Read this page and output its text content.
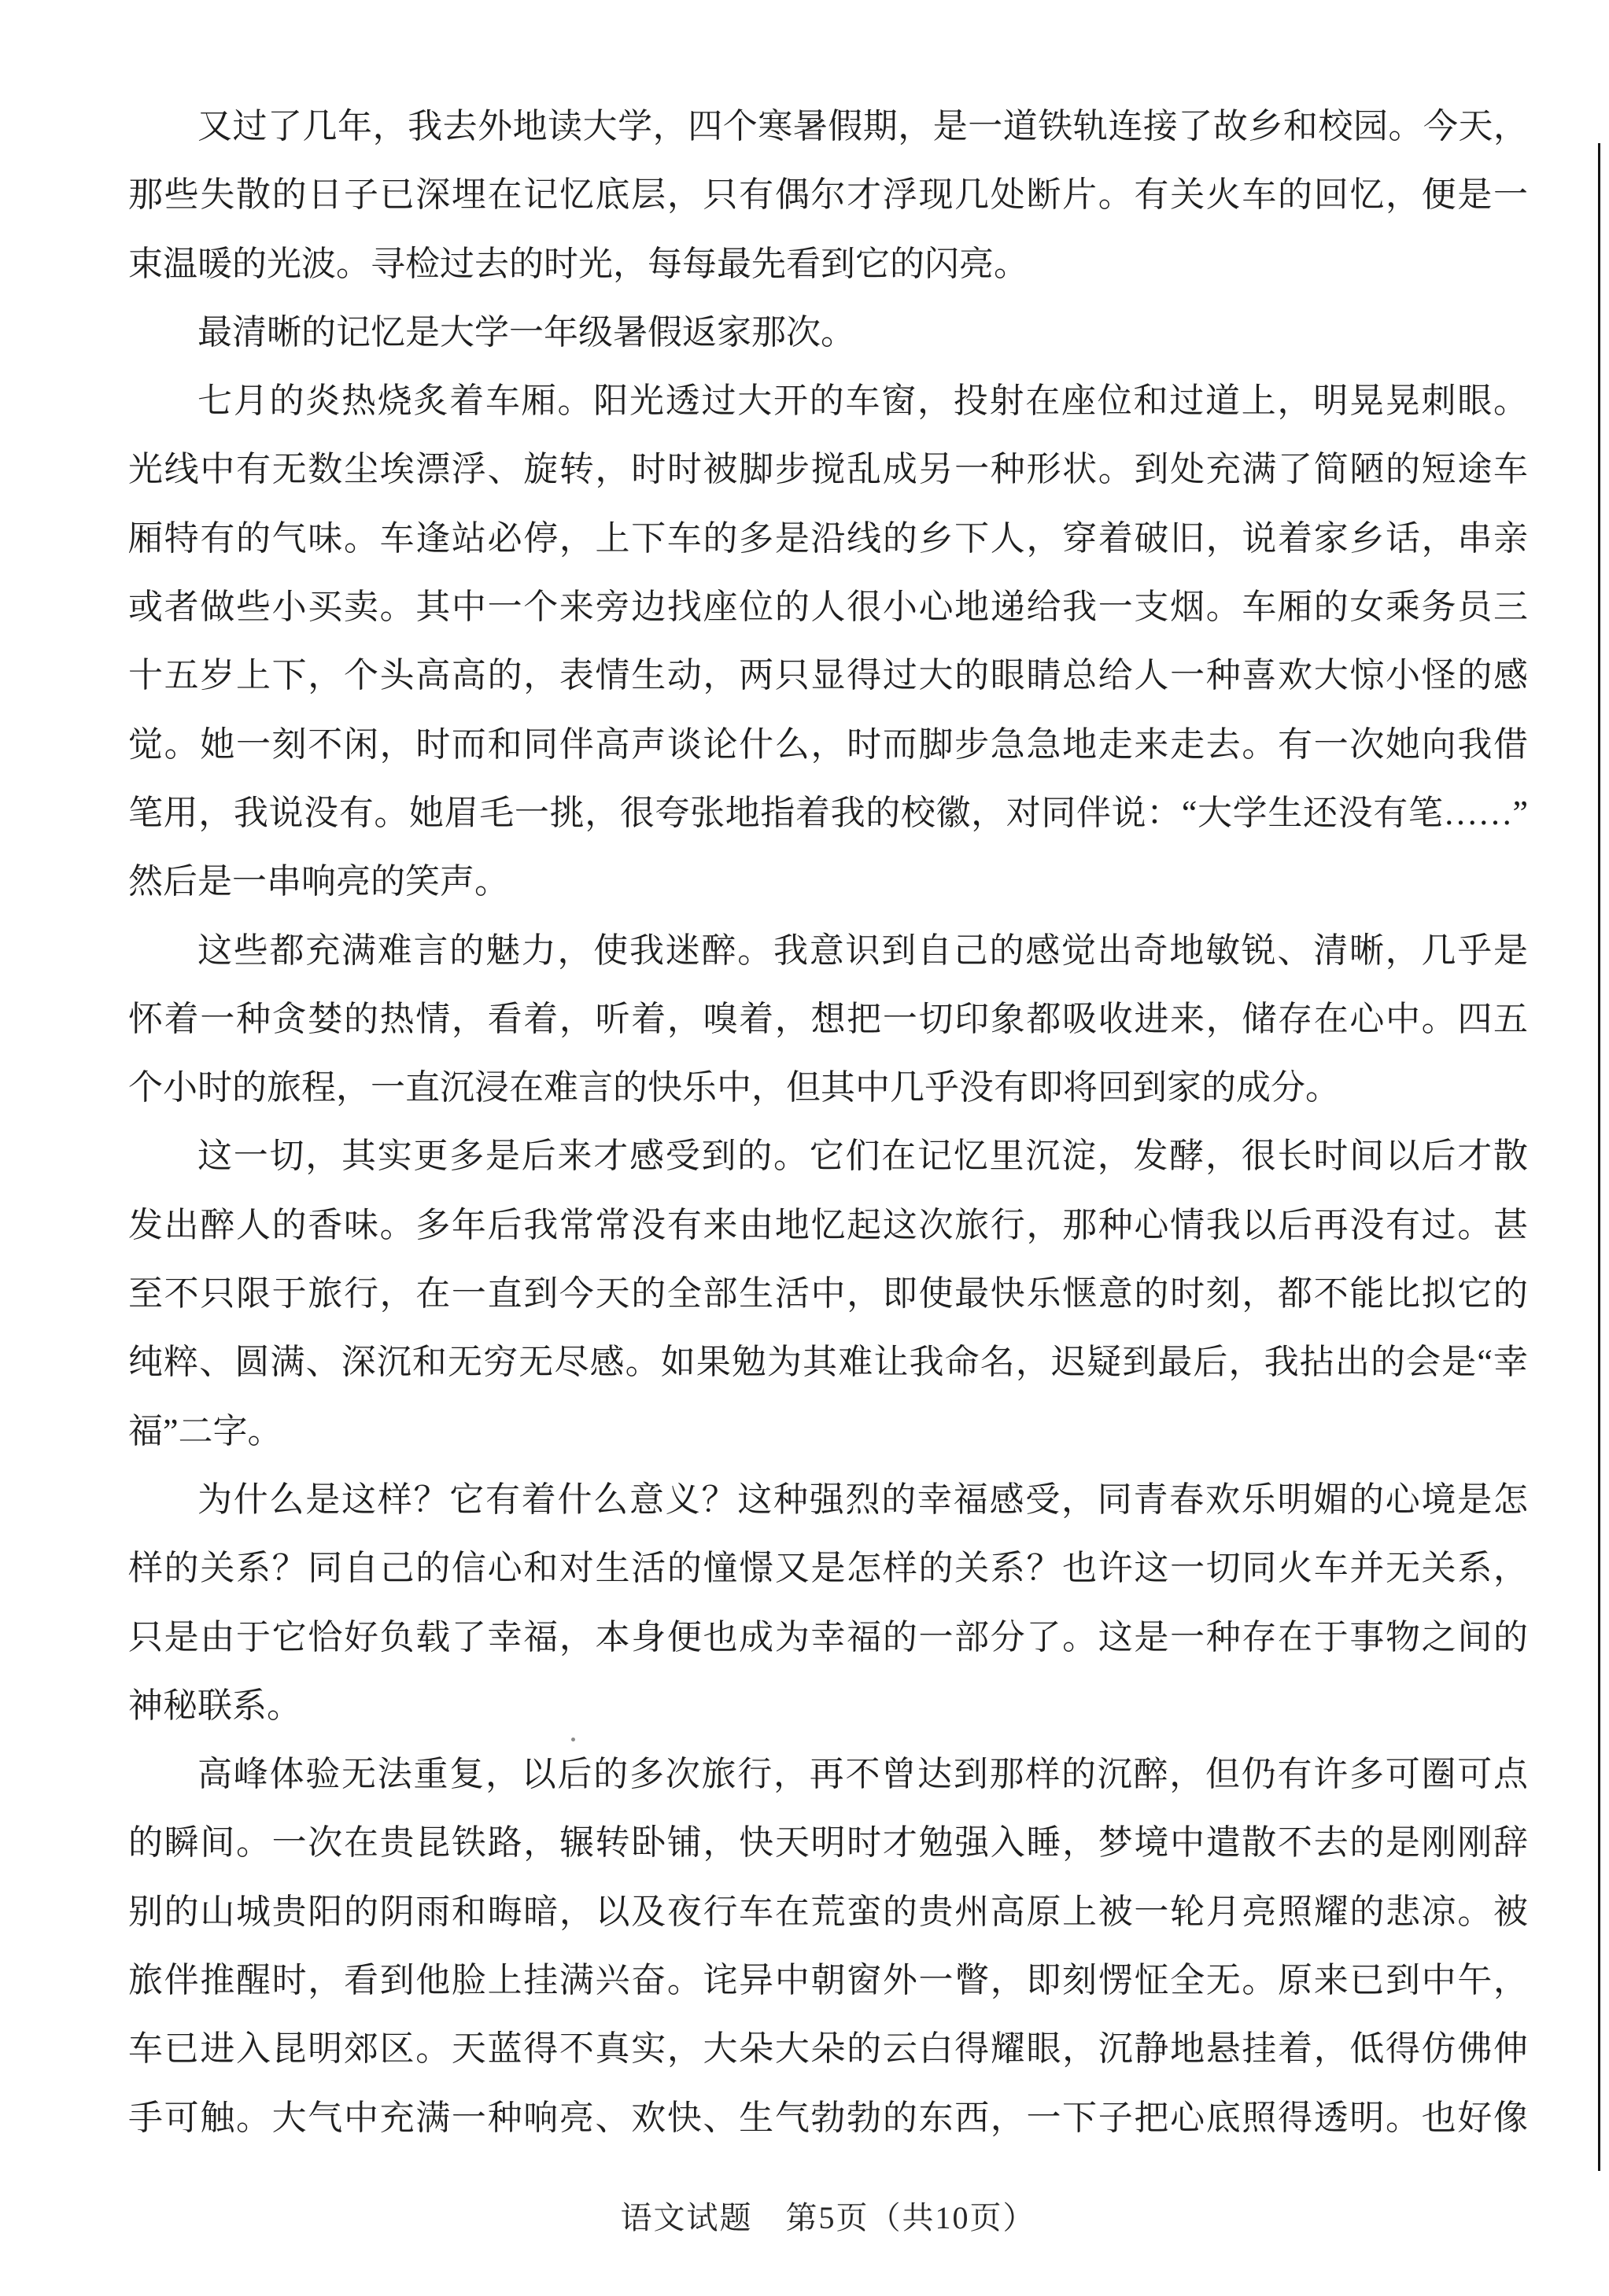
又过了几年，我去外地读大学，四个寒暑假期，是一道铁轨连接了故乡和校园。今天，
那些失散的日子已深埋在记忆底层，只有偶尔才浮现几处断片。有关火车的回忆，便是一
束温暖的光波。寻检过去的时光，每每最先看到它的闪亮。
最清晰的记忆是大学一年级暑假返家那次。
七月的炎热烧炙着车厢。阳光透过大开的车窗，投射在座位和过道上，明晃晃刺眼。
光线中有无数尘埃漂浮、旋转，时时被脚步搅乱成另一种形状。到处充满了简陋的短途车
厢特有的气味。车逢站必停，上下车的多是沿线的乡下人，穿着破旧，说着家乡话，串亲
或者做些小买卖。其中一个来旁边找座位的人很小心地递给我一支烟。车厢的女乘务员三
十五岁上下，个头高高的，表情生动，两只显得过大的眼睛总给人一种喜欢大惊小怪的感
觉。她一刻不闲，时而和同伴高声谈论什么，时而脚步急急地走来走去。有一次她向我借
笔用，我说没有。她眉毛一挑，很夸张地指着我的校徽，对同伴说：“大学生还没有笔……”
然后是一串响亮的笑声。
这些都充满难言的魅力，使我迷醉。我意识到自己的感觉出奇地敏锐、清晰，几乎是
怀着一种贪婪的热情，看着，听着，嗅着，想把一切印象都吸收进来，储存在心中。四五
个小时的旅程，一直沉浸在难言的快乐中，但其中几乎没有即将回到家的成分。
这一切，其实更多是后来才感受到的。它们在记忆里沉淀，发酵，很长时间以后才散
发出醉人的香味。多年后我常常没有来由地忆起这次旅行，那种心情我以后再没有过。甚
至不只限于旅行，在一直到今天的全部生活中，即使最快乐惬意的时刻，都不能比拟它的
纯粹、圆满、深沉和无穷无尽感。如果勉为其难让我命名，迟疑到最后，我拈出的会是“幸
福”二字。
为什么是这样？它有着什么意义？这种强烈的幸福感受，同青春欢乐明媚的心境是怎
样的关系？同自己的信心和对生活的憧憬又是怎样的关系？也许这一切同火车并无关系，
只是由于它恰好负载了幸福，本身便也成为幸福的一部分了。这是一种存在于事物之间的
神秘联系。
高峰体验无法重复，以后的多次旅行，再不曾达到那样的沉醉，但仍有许多可圈可点
的瞬间。一次在贵昆铁路，辗转卧铺，快天明时才勉强入睡，梦境中遣散不去的是刚刚辞
别的山城贵阳的阴雨和晦暗，以及夜行车在荒蛮的贵州高原上被一轮月亮照耀的悲凉。被
旅伴推醒时，看到他脸上挂满兴奋。诧异中朝窗外一瞥，即刻愣怔全无。原来已到中午，
车已进入昆明郊区。天蓝得不真实，大朵大朵的云白得耀眼，沉静地悬挂着，低得仿佛伸
手可触。大气中充满一种响亮、欢快、生气勃勃的东西，一下子把心底照得透明。也好像
语文试题　第5页（共10页）
